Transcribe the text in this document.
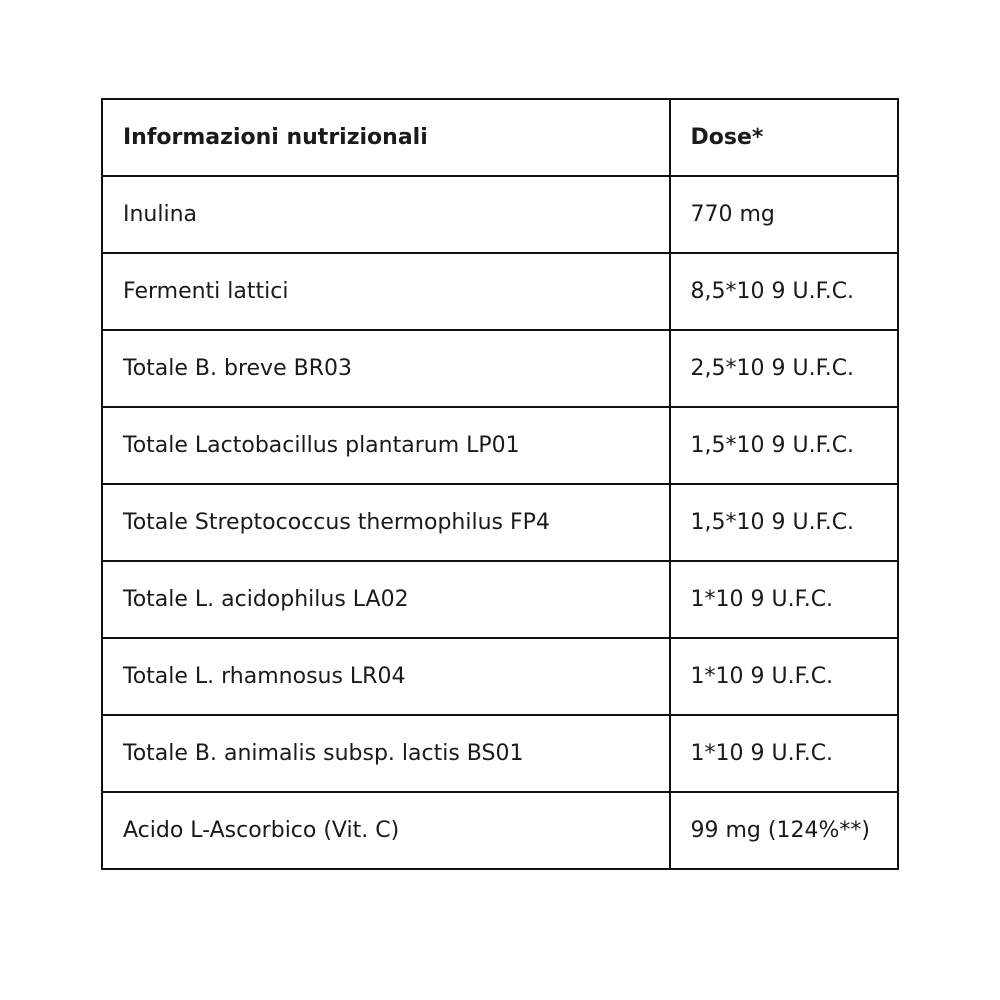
Informazioni nutrizionali	Dose*
Inulina	770 mg
Fermenti lattici	8,5*10 9 U.F.C.
Totale B. breve BR03	2,5*10 9 U.F.C.
Totale Lactobacillus plantarum LP01	1,5*10 9 U.F.C.
Totale Streptococcus thermophilus FP4	1,5*10 9 U.F.C.
Totale L. acidophilus LA02	1*10 9 U.F.C.
Totale L. rhamnosus LR04	1*10 9 U.F.C.
Totale B. animalis subsp. lactis BS01	1*10 9 U.F.C.
Acido L-Ascorbico (Vit. C)	99 mg (124%**)
